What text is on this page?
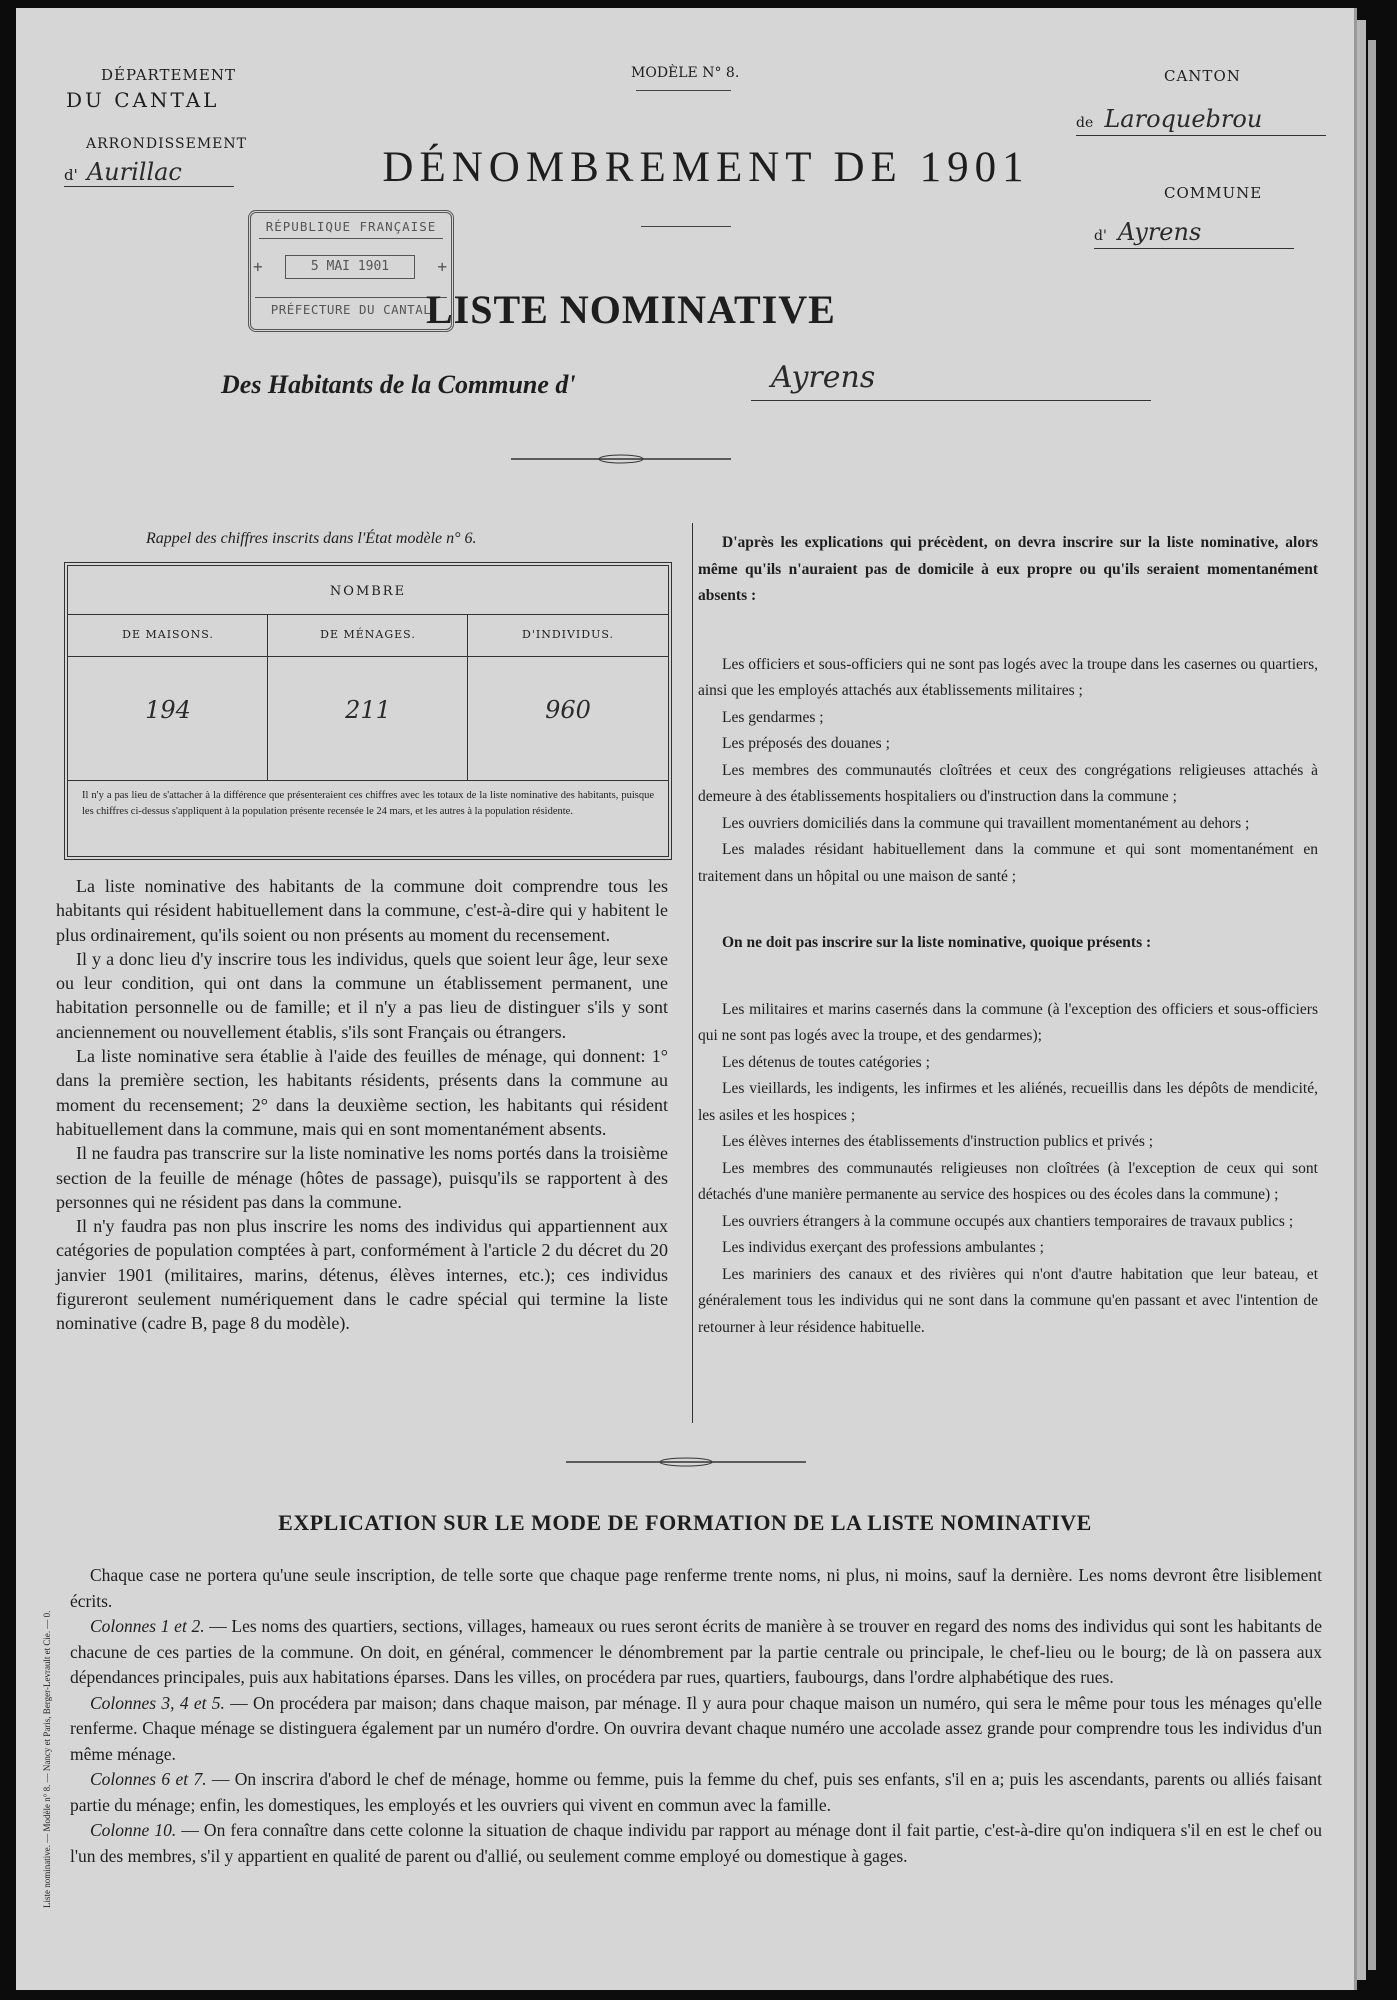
DÉPARTEMENT
DU CANTAL
ARRONDISSEMENT
d' Aurillac
MODÈLE N° 8.
DÉNOMBREMENT DE 1901
CANTON
de Laroquebrou
COMMUNE
d' Ayrens
RÉPUBLIQUE FRANÇAISE
+	5 MAI 1901	+
PRÉFECTURE DU CANTAL
LISTE NOMINATIVE
Des Habitants de la Commune d'	Ayrens
Rappel des chiffres inscrits dans l'État modèle n° 6.
NOMBRE
DE MAISONS.	DE MÉNAGES.	D'INDIVIDUS.
194	211	960
Il n'y a pas lieu de s'attacher à la différence que présenteraient ces chiffres avec les totaux de la liste nominative des habitants, puisque les chiffres ci-dessus s'appliquent à la population présente recensée le 24 mars, et les autres à la population résidente.

La liste nominative des habitants de la commune doit comprendre tous les habitants qui résident habituellement dans la commune, c'est-à-dire qui y habitent le plus ordinairement, qu'ils soient ou non présents au moment du recensement.

Il y a donc lieu d'y inscrire tous les individus, quels que soient leur âge, leur sexe ou leur condition, qui ont dans la commune un établissement permanent, une habitation personnelle ou de famille; et il n'y a pas lieu de distinguer s'ils y sont anciennement ou nouvellement établis, s'ils sont Français ou étrangers.

La liste nominative sera établie à l'aide des feuilles de ménage, qui donnent: 1° dans la première section, les habitants résidents, présents dans la commune au moment du recensement; 2° dans la deuxième section, les habitants qui résident habituellement dans la commune, mais qui en sont momentanément absents.

Il ne faudra pas transcrire sur la liste nominative les noms portés dans la troisième section de la feuille de ménage (hôtes de passage), puisqu'ils se rapportent à des personnes qui ne résident pas dans la commune.

Il n'y faudra pas non plus inscrire les noms des individus qui appartiennent aux catégories de population comptées à part, conformément à l'article 2 du décret du 20 janvier 1901 (militaires, marins, détenus, élèves internes, etc.); ces individus figureront seulement numériquement dans le cadre spécial qui termine la liste nominative (cadre B, page 8 du modèle).

D'après les explications qui précèdent, on devra inscrire sur la liste nominative, alors même qu'ils n'auraient pas de domicile à eux propre ou qu'ils seraient momentanément absents :

Les officiers et sous-officiers qui ne sont pas logés avec la troupe dans les casernes ou quartiers, ainsi que les employés attachés aux établissements militaires ;

Les gendarmes ;

Les préposés des douanes ;

Les membres des communautés cloîtrées et ceux des congrégations religieuses attachés à demeure à des établissements hospitaliers ou d'instruction dans la commune ;

Les ouvriers domiciliés dans la commune qui travaillent momentanément au dehors ;

Les malades résidant habituellement dans la commune et qui sont momentanément en traitement dans un hôpital ou une maison de santé ;

On ne doit pas inscrire sur la liste nominative, quoique présents :

Les militaires et marins casernés dans la commune (à l'exception des officiers et sous-officiers qui ne sont pas logés avec la troupe, et des gendarmes);

Les détenus de toutes catégories ;

Les vieillards, les indigents, les infirmes et les aliénés, recueillis dans les dépôts de mendicité, les asiles et les hospices ;

Les élèves internes des établissements d'instruction publics et privés ;

Les membres des communautés religieuses non cloîtrées (à l'exception de ceux qui sont détachés d'une manière permanente au service des hospices ou des écoles dans la commune) ;

Les ouvriers étrangers à la commune occupés aux chantiers temporaires de travaux publics ;

Les individus exerçant des professions ambulantes ;

Les mariniers des canaux et des rivières qui n'ont d'autre habitation que leur bateau, et généralement tous les individus qui ne sont dans la commune qu'en passant et avec l'intention de retourner à leur résidence habituelle.

EXPLICATION SUR LE MODE DE FORMATION DE LA LISTE NOMINATIVE

Chaque case ne portera qu'une seule inscription, de telle sorte que chaque page renferme trente noms, ni plus, ni moins, sauf la dernière. Les noms devront être lisiblement écrits.

Colonnes 1 et 2. — Les noms des quartiers, sections, villages, hameaux ou rues seront écrits de manière à se trouver en regard des noms des individus qui sont les habitants de chacune de ces parties de la commune. On doit, en général, commencer le dénombrement par la partie centrale ou principale, le chef-lieu ou le bourg; de là on passera aux dépendances principales, puis aux habitations éparses. Dans les villes, on procédera par rues, quartiers, faubourgs, dans l'ordre alphabétique des rues.

Colonnes 3, 4 et 5. — On procédera par maison; dans chaque maison, par ménage. Il y aura pour chaque maison un numéro, qui sera le même pour tous les ménages qu'elle renferme. Chaque ménage se distinguera également par un numéro d'ordre. On ouvrira devant chaque numéro une accolade assez grande pour comprendre tous les individus d'un même ménage.

Colonnes 6 et 7. — On inscrira d'abord le chef de ménage, homme ou femme, puis la femme du chef, puis ses enfants, s'il en a; puis les ascendants, parents ou alliés faisant partie du ménage; enfin, les domestiques, les employés et les ouvriers qui vivent en commun avec la famille.

Colonne 10. — On fera connaître dans cette colonne la situation de chaque individu par rapport au ménage dont il fait partie, c'est-à-dire qu'on indiquera s'il en est le chef ou l'un des membres, s'il y appartient en qualité de parent ou d'allié, ou seulement comme employé ou domestique à gages.

Liste nominative. — Modèle n° 8. — Nancy et Paris, Berger-Levrault et Cie. — 0.
